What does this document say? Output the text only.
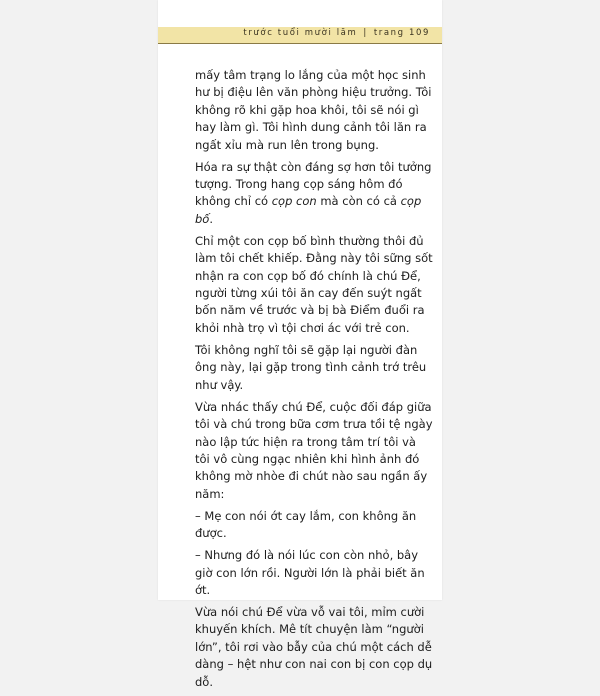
trước tuổi mười lăm | trang 109

mấy tâm trạng lo lắng của một học sinh hư bị điệu lên văn phòng hiệu trưởng. Tôi không rõ khi gặp hoa khôi, tôi sẽ nói gì hay làm gì. Tôi hình dung cảnh tôi lăn ra ngất xỉu mà run lên trong bụng.

Hóa ra sự thật còn đáng sợ hơn tôi tưởng tượng. Trong hang cọp sáng hôm đó không chỉ có cọp con mà còn có cả cọp bố.

Chỉ một con cọp bố bình thường thôi đủ làm tôi chết khiếp. Đằng này tôi sững sốt nhận ra con cọp bố đó chính là chú Để, người từng xúi tôi ăn cay đến suýt ngất bốn năm về trước và bị bà Điểm đuổi ra khỏi nhà trọ vì tội chơi ác với trẻ con.

Tôi không nghĩ tôi sẽ gặp lại người đàn ông này, lại gặp trong tình cảnh trớ trêu như vậy.

Vừa nhác thấy chú Để, cuộc đối đáp giữa tôi và chú trong bữa cơm trưa tồi tệ ngày nào lập tức hiện ra trong tâm trí tôi và tôi vô cùng ngạc nhiên khi hình ảnh đó không mờ nhòe đi chút nào sau ngần ấy năm:

– Mẹ con nói ớt cay lắm, con không ăn được.

– Nhưng đó là nói lúc con còn nhỏ, bây giờ con lớn rồi. Người lớn là phải biết ăn ớt.

Vừa nói chú Để vừa vỗ vai tôi, mỉm cười khuyến khích. Mê tít chuyện làm “người lớn”, tôi rơi vào bẫy của chú một cách dễ dàng – hệt như con nai con bị con cọp dụ dỗ.
